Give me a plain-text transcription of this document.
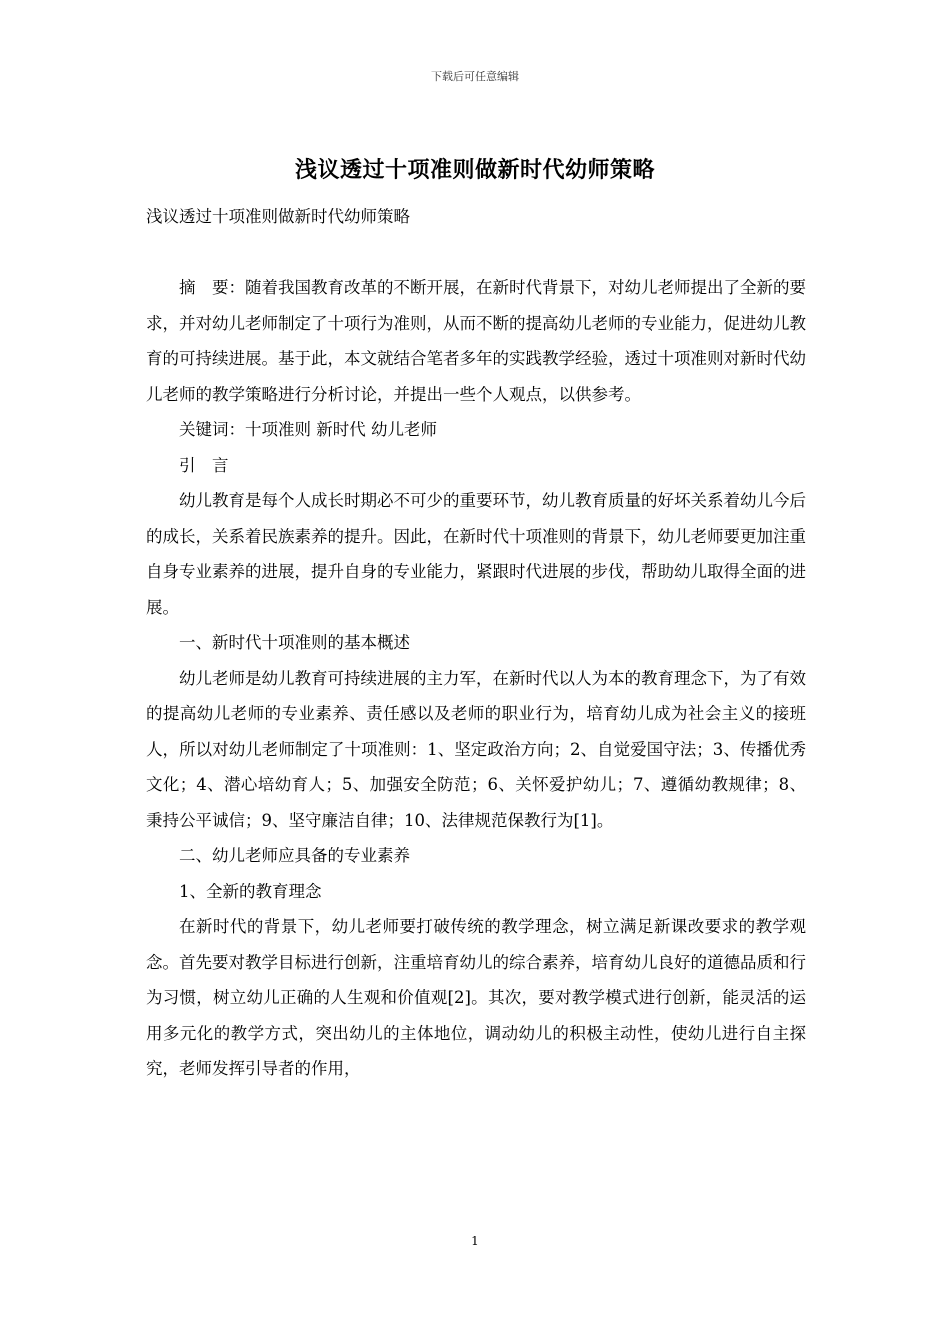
下载后可任意编辑
浅议透过十项准则做新时代幼师策略
浅议透过十项准则做新时代幼师策略

摘　要：随着我国教育改革的不断开展，在新时代背景下，对幼儿老师提出了全新的要求，并对幼儿老师制定了十项行为准则，从而不断的提高幼儿老师的专业能力，促进幼儿教育的可持续进展。基于此，本文就结合笔者多年的实践教学经验，透过十项准则对新时代幼儿老师的教学策略进行分析讨论，并提出一些个人观点，以供参考。

关键词：十项准则 新时代 幼儿老师

引　言

幼儿教育是每个人成长时期必不可少的重要环节，幼儿教育质量的好坏关系着幼儿今后的成长，关系着民族素养的提升。因此，在新时代十项准则的背景下，幼儿老师要更加注重自身专业素养的进展，提升自身的专业能力，紧跟时代进展的步伐，帮助幼儿取得全面的进展。

一、新时代十项准则的基本概述

幼儿老师是幼儿教育可持续进展的主力军，在新时代以人为本的教育理念下，为了有效的提高幼儿老师的专业素养、责任感以及老师的职业行为，培育幼儿成为社会主义的接班人，所以对幼儿老师制定了十项准则：1、坚定政治方向；2、自觉爱国守法；3、传播优秀文化；4、潜心培幼育人；5、加强安全防范；6、关怀爱护幼儿；7、遵循幼教规律；8、秉持公平诚信；9、坚守廉洁自律；10、法律规范保教行为[1]。

二、幼儿老师应具备的专业素养

1、全新的教育理念

在新时代的背景下，幼儿老师要打破传统的教学理念，树立满足新课改要求的教学观念。首先要对教学目标进行创新，注重培育幼儿的综合素养，培育幼儿良好的道德品质和行为习惯，树立幼儿正确的人生观和价值观[2]。其次，要对教学模式进行创新，能灵活的运用多元化的教学方式，突出幼儿的主体地位，调动幼儿的积极主动性，使幼儿进行自主探究，老师发挥引导者的作用，

1
